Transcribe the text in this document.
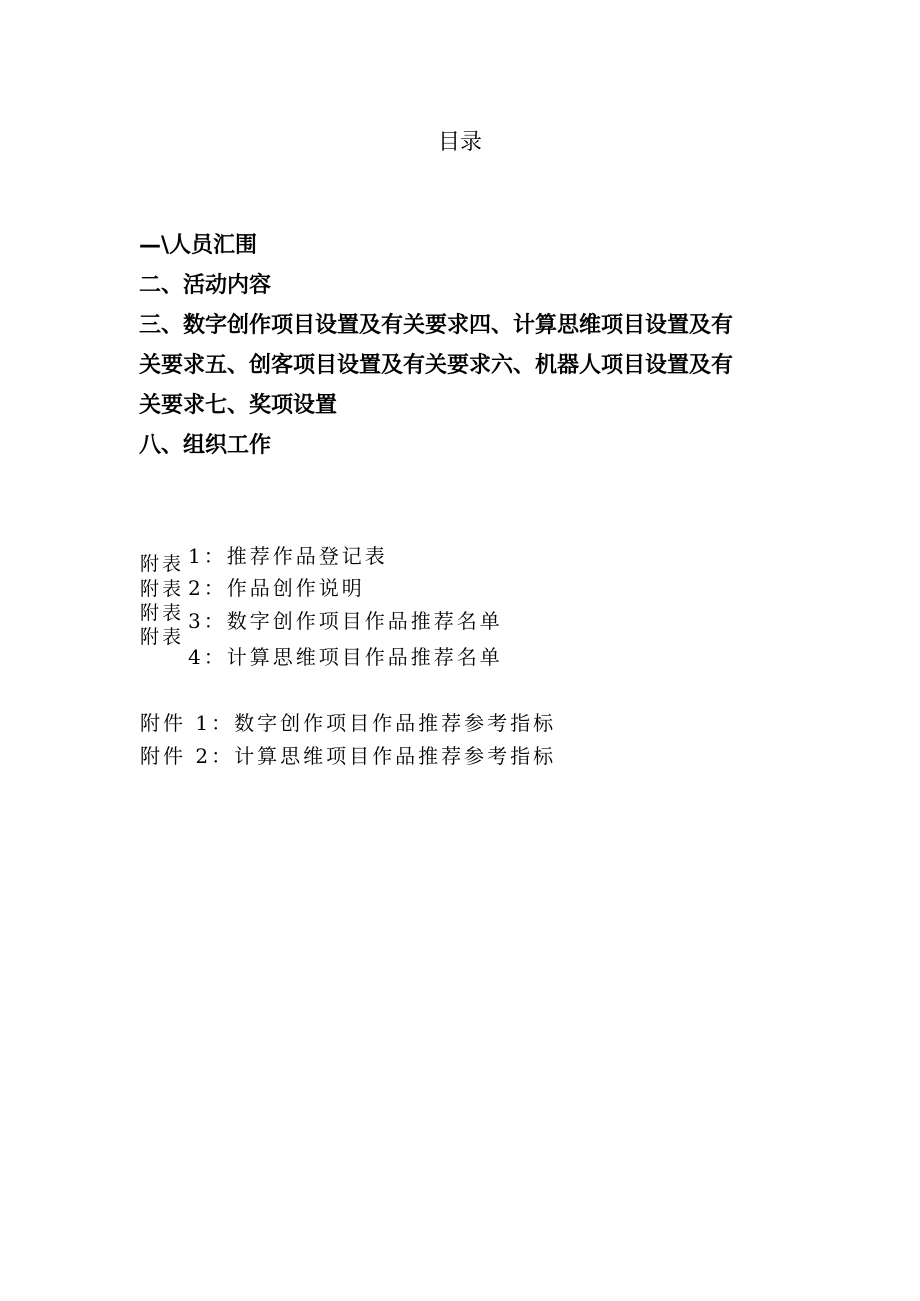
目录
—\人员汇围
二、活动内容
三、数字创作项目设置及有关要求四、计算思维项目设置及有
关要求五、创客项目设置及有关要求六、机器人项目设置及有
关要求七、奖项设置
八、组织工作
附表
附表
附表
附表
1：推荐作品登记表
2：作品创作说明
3：数字创作项目作品推荐名单
4：计算思维项目作品推荐名单
附件 1：数字创作项目作品推荐参考指标
附件 2：计算思维项目作品推荐参考指标
